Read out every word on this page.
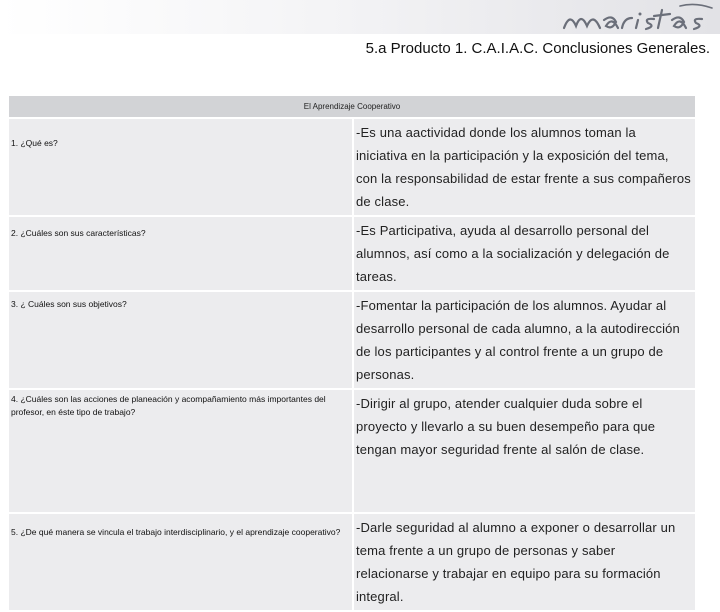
5.a Producto 1. C.A.I.A.C. Conclusiones Generales.
El Aprendizaje Cooperativo	
1. ¿Qué es?	-Es una aactividad donde los alumnos toman la iniciativa en la participación y la exposición del tema, con la responsabilidad de estar frente a sus compañeros de clase.
2. ¿Cuáles son sus características?	-Es Participativa, ayuda al desarrollo personal del alumnos, así como a la socialización y delegación de tareas.
3. ¿ Cuáles son sus objetivos?	-Fomentar la participación de los alumnos. Ayudar al desarrollo personal de cada alumno, a la autodirección de los participantes y al control frente a un grupo de personas.
4. ¿Cuáles son las acciones de planeación y acompañamiento más importantes del profesor, en éste tipo de trabajo?	-Dirigir al grupo, atender cualquier duda sobre el proyecto y llevarlo a su buen desempeño para que tengan mayor seguridad frente al salón de clase.
5. ¿De qué manera se vincula el trabajo interdisciplinario, y el aprendizaje cooperativo?	-Darle seguridad al alumno a exponer o desarrollar un tema frente a un grupo de personas y saber relacionarse y trabajar en equipo para su formación integral.
